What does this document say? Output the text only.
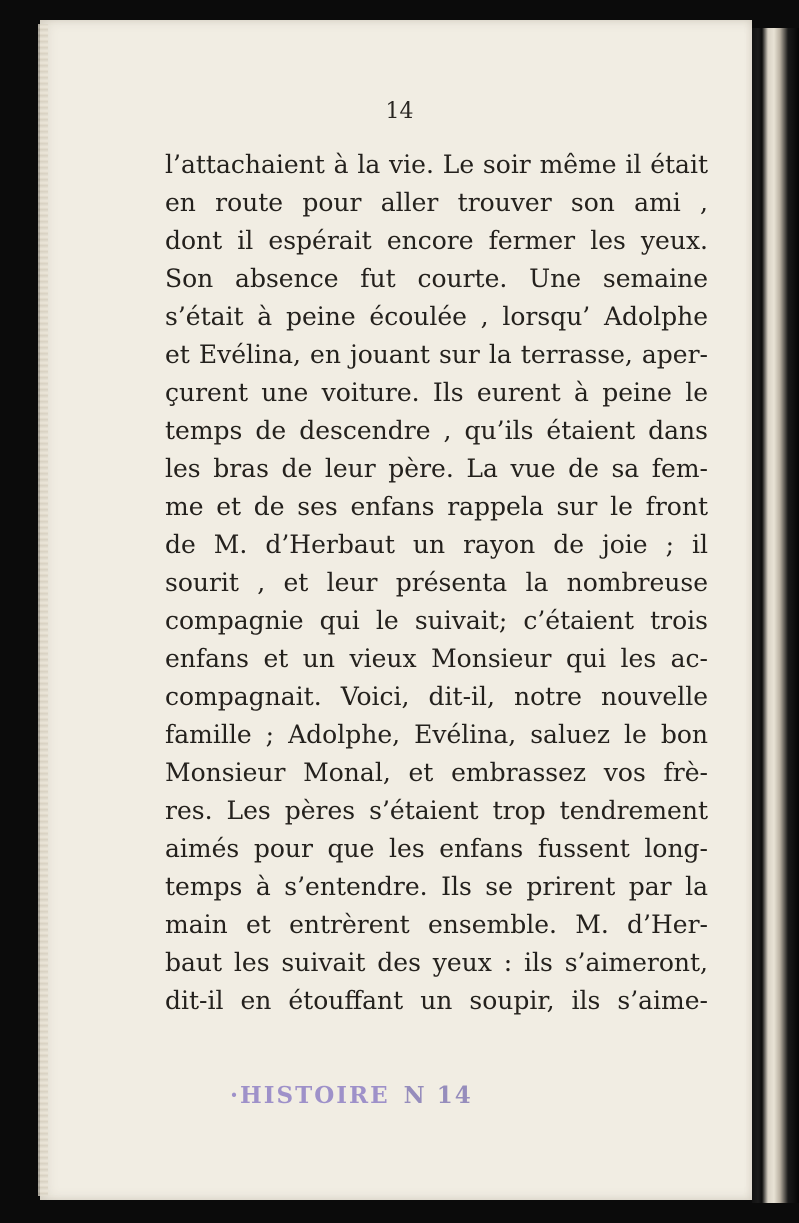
14
l’attachaient à la vie. Le soir même il était
en route pour aller trouver son ami ,
dont il espérait encore fermer les yeux.
Son absence fut courte. Une semaine
s’était à peine écoulée , lorsqu’ Adolphe
et Evélina, en jouant sur la terrasse, aper-
çurent une voiture. Ils eurent à peine le
temps de descendre , qu’ils étaient dans
les bras de leur père. La vue de sa fem-
me et de ses enfans rappela sur le front
de M. d’Herbaut un rayon de joie ; il
sourit , et leur présenta la nombreuse
compagnie qui le suivait; c’étaient trois
enfans et un vieux Monsieur qui les ac-
compagnait. Voici, dit-il, notre nouvelle
famille ; Adolphe, Evélina, saluez le bon
Monsieur Monal, et embrassez vos frè-
res. Les pères s’étaient trop tendrement
aimés pour que les enfans fussent long-
temps à s’entendre. Ils se prirent par la
main et entrèrent ensemble. M. d’Her-
baut les suivait des yeux : ils s’aimeront,
dit-il en étouffant un soupir, ils s’aime-
·HISTOIRE N 14
